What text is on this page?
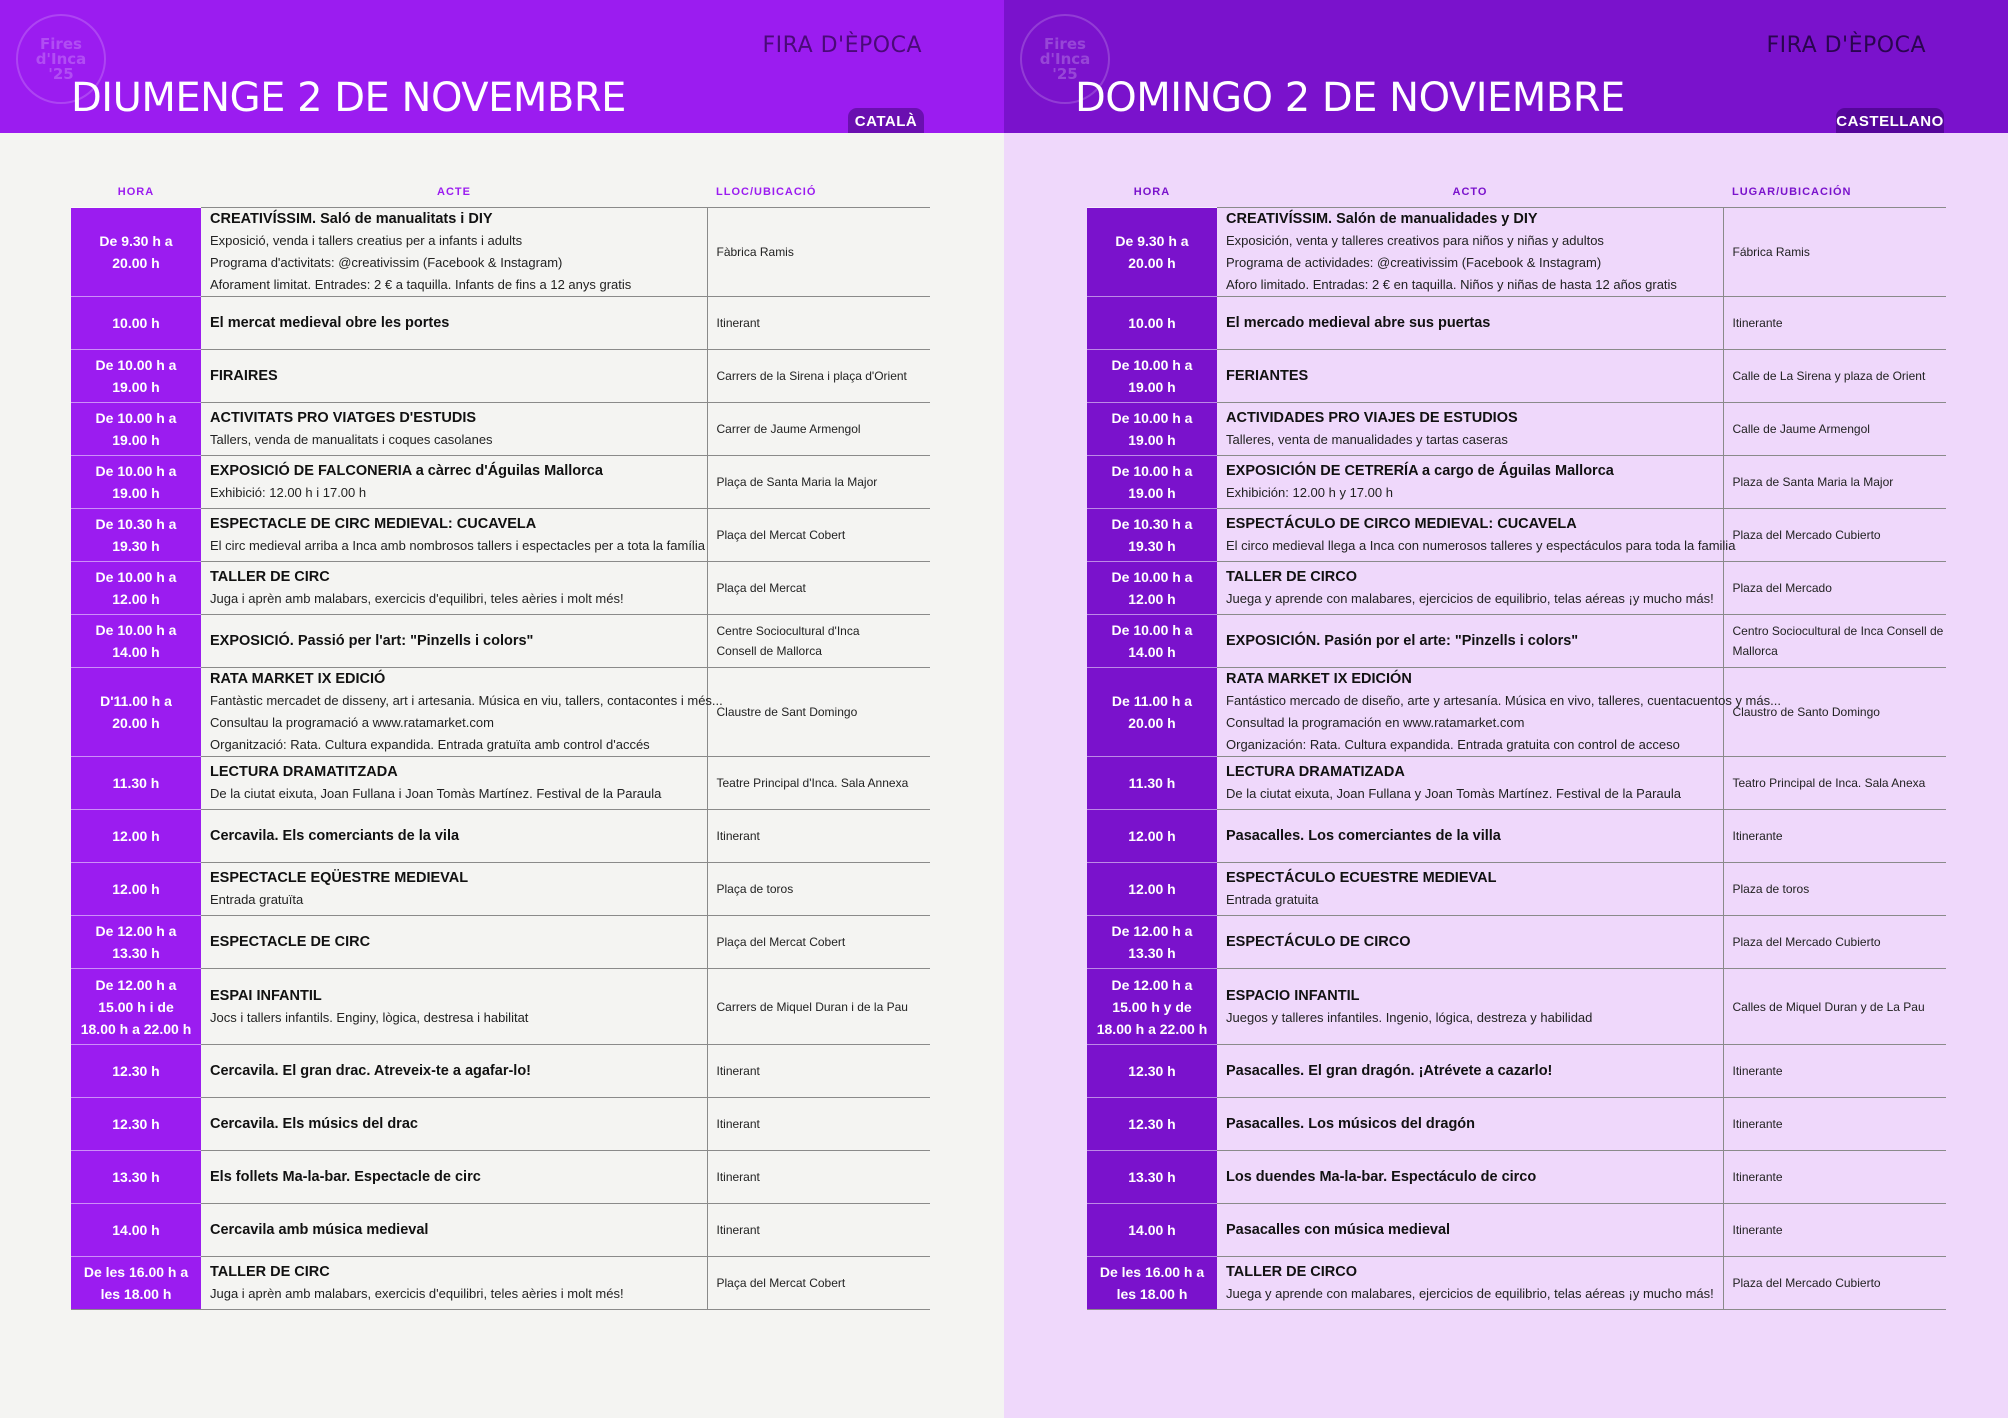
Fires
d'Inca
'25
FIRA D'ÈPOCA
DIUMENGE 2 DE NOVEMBRE
CATALÀ
HORA	ACTE	LLOC/UBICACIÓ
De 9.30 h a
20.00 h	CREATIVÍSSIM. Saló de manualitats i DIY
Exposició, venda i tallers creatius per a infants i adults
Programa d'activitats: @creativissim (Facebook & Instagram)
Aforament limitat. Entrades: 2 € a taquilla. Infants de fins a 12 anys gratis	Fàbrica Ramis
10.00 h	El mercat medieval obre les portes	Itinerant
De 10.00 h a
19.00 h	FIRAIRES	Carrers de la Sirena i plaça d'Orient
De 10.00 h a
19.00 h	ACTIVITATS PRO VIATGES D'ESTUDIS
Tallers, venda de manualitats i coques casolanes	Carrer de Jaume Armengol
De 10.00 h a
19.00 h	EXPOSICIÓ DE FALCONERIA a càrrec d'Águilas Mallorca
Exhibició: 12.00 h i 17.00 h	Plaça de Santa Maria la Major
De 10.30 h a
19.30 h	ESPECTACLE DE CIRC MEDIEVAL: CUCAVELA
El circ medieval arriba a Inca amb nombrosos tallers i espectacles per a tota la família	Plaça del Mercat Cobert
De 10.00 h a
12.00 h	TALLER DE CIRC
Juga i aprèn amb malabars, exercicis d'equilibri, teles aèries i molt més!	Plaça del Mercat
De 10.00 h a
14.00 h	EXPOSICIÓ. Passió per l'art: "Pinzells i colors"	Centre Sociocultural d'Inca
Consell de Mallorca
D'11.00 h a
20.00 h	RATA MARKET IX EDICIÓ
Fantàstic mercadet de disseny, art i artesania. Música en viu, tallers, contacontes i més...
Consultau la programació a www.ratamarket.com
Organització: Rata. Cultura expandida. Entrada gratuïta amb control d'accés	Claustre de Sant Domingo
11.30 h	LECTURA DRAMATITZADA
De la ciutat eixuta, Joan Fullana i Joan Tomàs Martínez. Festival de la Paraula	Teatre Principal d'Inca. Sala Annexa
12.00 h	Cercavila. Els comerciants de la vila	Itinerant
12.00 h	ESPECTACLE EQÜESTRE MEDIEVAL
Entrada gratuïta	Plaça de toros
De 12.00 h a
13.30 h	ESPECTACLE DE CIRC	Plaça del Mercat Cobert
De 12.00 h a
15.00 h i de
18.00 h a 22.00 h	ESPAI INFANTIL
Jocs i tallers infantils. Enginy, lògica, destresa i habilitat	Carrers de Miquel Duran i de la Pau
12.30 h	Cercavila. El gran drac. Atreveix-te a agafar-lo!	Itinerant
12.30 h	Cercavila. Els músics del drac	Itinerant
13.30 h	Els follets Ma-la-bar. Espectacle de circ	Itinerant
14.00 h	Cercavila amb música medieval	Itinerant
De les 16.00 h a
les 18.00 h	TALLER DE CIRC
Juga i aprèn amb malabars, exercicis d'equilibri, teles aèries i molt més!	Plaça del Mercat Cobert
Fires
d'Inca
'25
FIRA D'ÈPOCA
DOMINGO 2 DE NOVIEMBRE
CASTELLANO
HORA	ACTO	LUGAR/UBICACIÓN
De 9.30 h a
20.00 h	CREATIVÍSSIM. Salón de manualidades y DIY
Exposición, venta y talleres creativos para niños y niñas y adultos
Programa de actividades: @creativissim (Facebook & Instagram)
Aforo limitado. Entradas: 2 € en taquilla. Niños y niñas de hasta 12 años gratis	Fábrica Ramis
10.00 h	El mercado medieval abre sus puertas	Itinerante
De 10.00 h a
19.00 h	FERIANTES	Calle de La Sirena y plaza de Orient
De 10.00 h a
19.00 h	ACTIVIDADES PRO VIAJES DE ESTUDIOS
Talleres, venta de manualidades y tartas caseras	Calle de Jaume Armengol
De 10.00 h a
19.00 h	EXPOSICIÓN DE CETRERÍA a cargo de Águilas Mallorca
Exhibición: 12.00 h y 17.00 h	Plaza de Santa Maria la Major
De 10.30 h a
19.30 h	ESPECTÁCULO DE CIRCO MEDIEVAL: CUCAVELA
El circo medieval llega a Inca con numerosos talleres y espectáculos para toda la familia	Plaza del Mercado Cubierto
De 10.00 h a
12.00 h	TALLER DE CIRCO
Juega y aprende con malabares, ejercicios de equilibrio, telas aéreas ¡y mucho más!	Plaza del Mercado
De 10.00 h a
14.00 h	EXPOSICIÓN. Pasión por el arte: "Pinzells i colors"	Centro Sociocultural de Inca Consell de
Mallorca
De 11.00 h a
20.00 h	RATA MARKET IX EDICIÓN
Fantástico mercado de diseño, arte y artesanía. Música en vivo, talleres, cuentacuentos y más...
Consultad la programación en www.ratamarket.com
Organización: Rata. Cultura expandida. Entrada gratuita con control de acceso	Claustro de Santo Domingo
11.30 h	LECTURA DRAMATIZADA
De la ciutat eixuta, Joan Fullana y Joan Tomàs Martínez. Festival de la Paraula	Teatro Principal de Inca. Sala Anexa
12.00 h	Pasacalles. Los comerciantes de la villa	Itinerante
12.00 h	ESPECTÁCULO ECUESTRE MEDIEVAL
Entrada gratuita	Plaza de toros
De 12.00 h a
13.30 h	ESPECTÁCULO DE CIRCO	Plaza del Mercado Cubierto
De 12.00 h a
15.00 h y de
18.00 h a 22.00 h	ESPACIO INFANTIL
Juegos y talleres infantiles. Ingenio, lógica, destreza y habilidad	Calles de Miquel Duran y de La Pau
12.30 h	Pasacalles. El gran dragón. ¡Atrévete a cazarlo!	Itinerante
12.30 h	Pasacalles. Los músicos del dragón	Itinerante
13.30 h	Los duendes Ma-la-bar. Espectáculo de circo	Itinerante
14.00 h	Pasacalles con música medieval	Itinerante
De les 16.00 h a
les 18.00 h	TALLER DE CIRCO
Juega y aprende con malabares, ejercicios de equilibrio, telas aéreas ¡y mucho más!	Plaza del Mercado Cubierto
